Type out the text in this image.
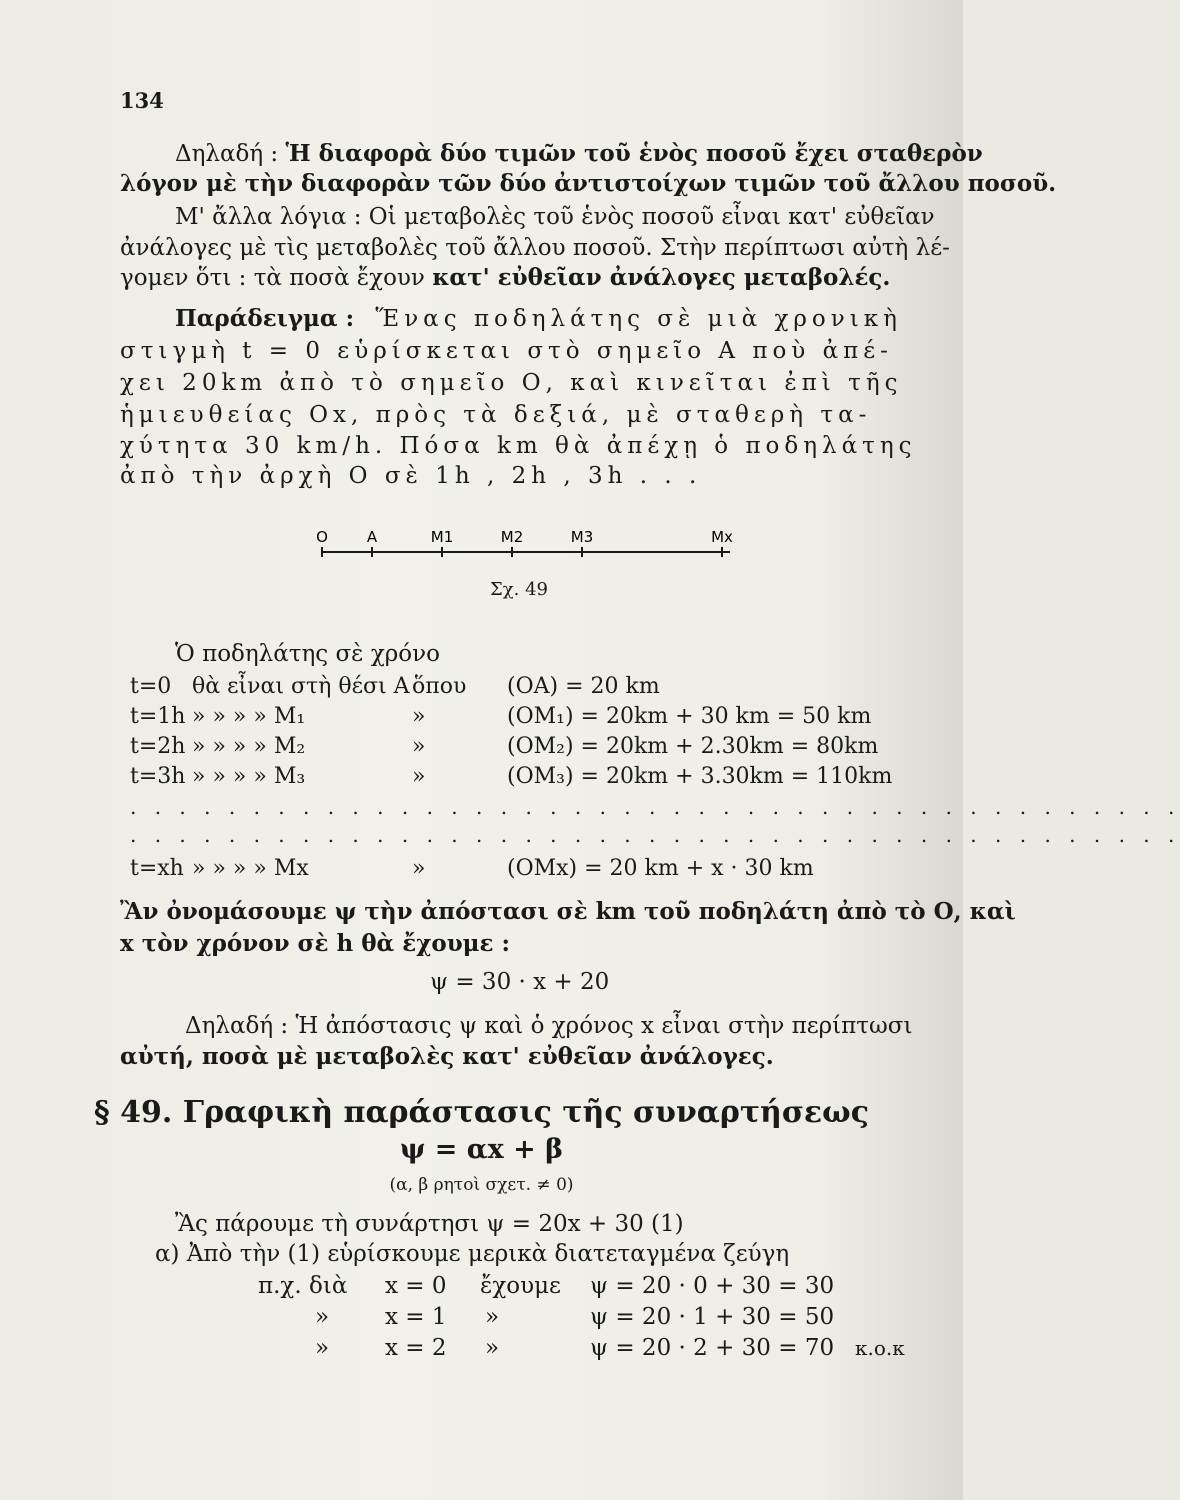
134
Δηλαδή : Ἡ διαφορὰ δύο τιμῶν τοῦ ἑνὸς ποσοῦ ἔχει σταθερὸν
λόγον μὲ τὴν διαφορὰν τῶν δύο ἀντιστοίχων τιμῶν τοῦ ἄλλου ποσοῦ.
Μ' ἄλλα λόγια : Οἱ μεταβολὲς τοῦ ἑνὸς ποσοῦ εἶναι κατ' εὐθεῖαν
ἀνάλογες μὲ τὶς μεταβολὲς τοῦ ἄλλου ποσοῦ. Στὴν περίπτωσι αὐτὴ λέ-
γομεν ὅτι : τὰ ποσὰ ἔχουν κατ' εὐθεῖαν ἀνάλογες μεταβολές.
Παράδειγμα : Ἕνας ποδηλάτης σὲ μιὰ χρονικὴ
στιγμὴ t = 0 εὑρίσκεται στὸ σημεῖο Α ποὺ ἀπέ-
χει 20km ἀπὸ τὸ σημεῖο Ο, καὶ κινεῖται ἐπὶ τῆς
ἡμιευθείας Οx, πρὸς τὰ δεξιά, μὲ σταθερὴ τα-
χύτητα 30 km/h. Πόσα km θὰ ἀπέχῃ ὁ ποδηλάτης
ἀπὸ τὴν ἀρχὴ Ο σὲ 1h , 2h , 3h . . .
O	A	M1	M2	M3	Mx
Σχ. 49
Ὁ ποδηλάτης σὲ χρόνο
t=0	θὰ εἶναι στὴ θέσι A	ὅπου	(OA) = 20 km
t=1h	» » » » M₁	»	(OM₁) = 20km + 30 km = 50 km
t=2h	» » » » M₂	»	(OM₂) = 20km + 2.30km = 80km
t=3h	» » » » M₃	»	(OM₃) = 20km + 3.30km = 110km
. . . . . . . . . . . . . . . . . . . . . . . . . . . . . . . . . . . . . . . . . . .
. . . . . . . . . . . . . . . . . . . . . . . . . . . . . . . . . . . . . . . . . . .
t=xh	» » » » Mx	»	(OMx) = 20 km + x · 30 km
Ἂν ὀνομάσουμε ψ τὴν ἀπόστασι σὲ km τοῦ ποδηλάτη ἀπὸ τὸ Ο, καὶ
x τὸν χρόνον σὲ h θὰ ἔχουμε :
ψ = 30 · x + 20
Δηλαδή : Ἡ ἀπόστασις ψ καὶ ὁ χρόνος x εἶναι στὴν περίπτωσι
αὐτή, ποσὰ μὲ μεταβολὲς κατ' εὐθεῖαν ἀνάλογες.
§ 49. Γραφικὴ παράστασις τῆς συναρτήσεως
ψ = αx + β
(α, β ρητοὶ σχετ. ≠ 0)
Ἂς πάρουμε τὴ συνάρτησι ψ = 20x + 30 (1)
α) Ἀπὸ τὴν (1) εὑρίσκουμε μερικὰ διατεταγμένα ζεύγη
π.χ. διὰ x = 0 ἔχουμε ψ = 20 · 0 + 30 = 30
» x = 1 »	ψ = 20 · 1 + 30 = 50
» x = 2 »	ψ = 20 · 2 + 30 = 70 κ.ο.κ
